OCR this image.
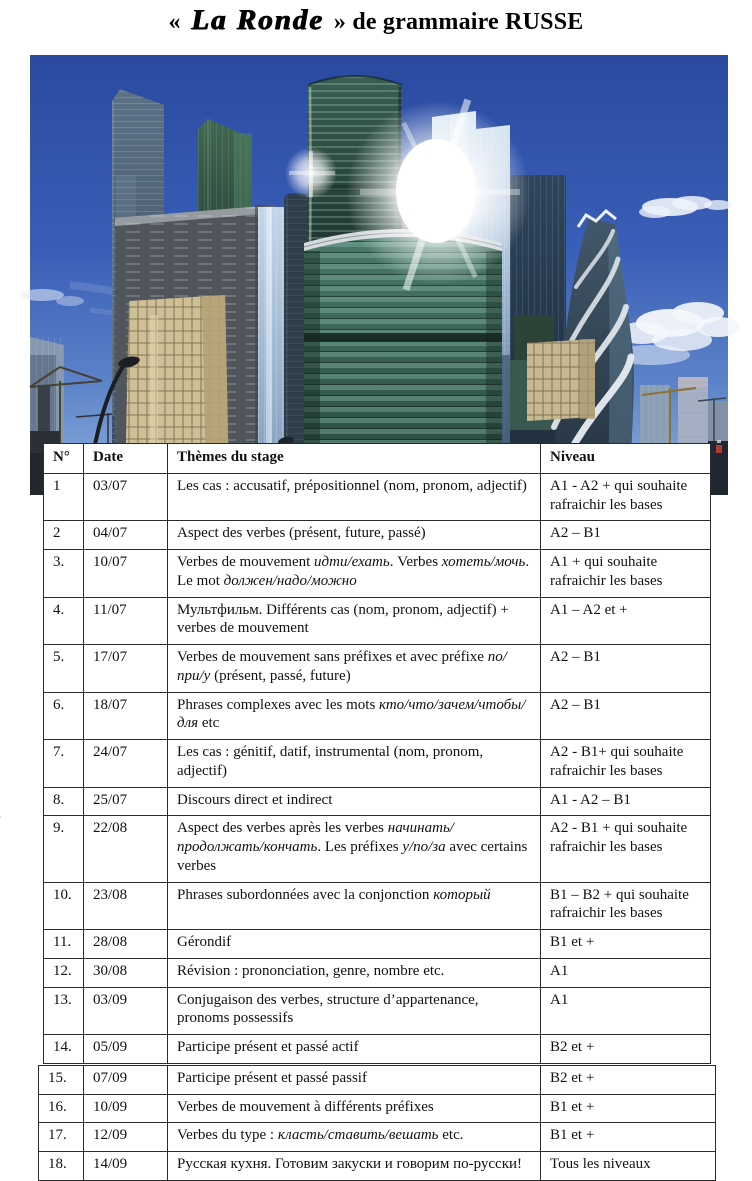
« La Ronde » de grammaire RUSSE
N°	Date	Thèmes du stage	Niveau
1	03/07	Les cas : accusatif, prépositionnel (nom, pronom, adjectif)	A1 - A2 + qui souhaite rafraichir les bases
2	04/07	Aspect des verbes (présent, future, passé)	A2 – B1
3.	10/07	Verbes de mouvement идти/ехать. Verbes хотеть/мочь. Le mot должен/надо/можно	A1 + qui souhaite rafraichir les bases
4.	11/07	Мультфильм. Différents cas (nom, pronom, adjectif) + verbes de mouvement	A1 – A2 et +
5.	17/07	Verbes de mouvement sans préfixes et avec préfixe по/при/у (présent, passé, future)	A2 – B1
6.	18/07	Phrases complexes avec les mots кто/что/зачем/чтобы/для etc	A2 – B1
7.	24/07	Les cas : génitif, datif, instrumental (nom, pronom, adjectif)	A2 - B1+ qui souhaite rafraichir les bases
8.	25/07	Discours direct et indirect	A1 - A2 – B1
9.	22/08	Aspect des verbes après les verbes начинать/продолжать/кончать. Les préfixes у/по/за avec certains verbes	A2 - B1 + qui souhaite rafraichir les bases
10.	23/08	Phrases subordonnées avec la conjonction который	B1 – B2 + qui souhaite rafraichir les bases
11.	28/08	Gérondif	B1 et +
12.	30/08	Révision : prononciation, genre, nombre etc.	A1
13.	03/09	Conjugaison des verbes, structure d’appartenance, pronoms possessifs	A1
14.	05/09	Participe présent et passé actif	B2 et +
15.	07/09	Participe présent et passé passif	B2 et +
16.	10/09	Verbes de mouvement à différents préfixes	B1 et +
17.	12/09	Verbes du type : класть/ставить/вешать etc.	B1 et +
18.	14/09	Русская кухня. Готовим закуски и говорим по-русски!	Tous les niveaux
